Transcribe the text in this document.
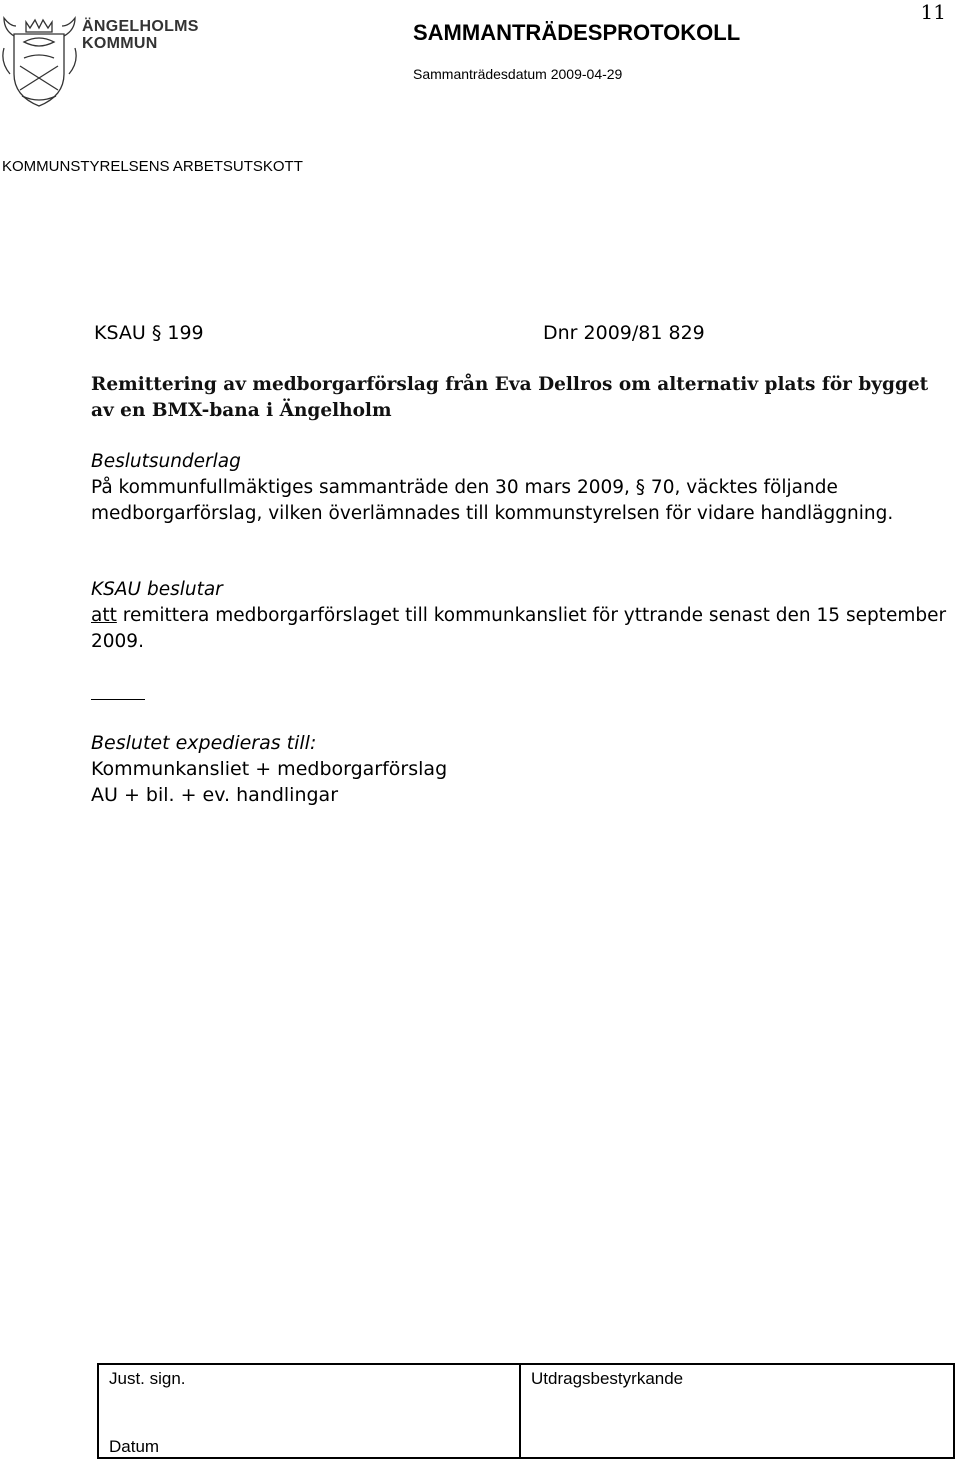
11
ÄNGELHOLMS
KOMMUN	SAMMANTRÄDESPROTOKOLL
Sammanträdesdatum 2009-04-29
KOMMUNSTYRELSENS ARBETSUTSKOTT
KSAU § 199	Dnr 2009/81 829
Remittering av medborgarförslag från Eva Dellros om alternativ plats för bygget av en BMX-bana i Ängelholm
Beslutsunderlag
På kommunfullmäktiges sammanträde den 30 mars 2009, § 70, väcktes följande medborgarförslag, vilken överlämnades till kommunstyrelsen för vidare handläggning.
KSAU beslutar
att remittera medborgarförslaget till kommunkansliet för yttrande senast den 15 september 2009.
Beslutet expedieras till:
Kommunkansliet + medborgarförslag
AU + bil. + ev. handlingar
Just. sign.
Datum
Utdragsbestyrkande
